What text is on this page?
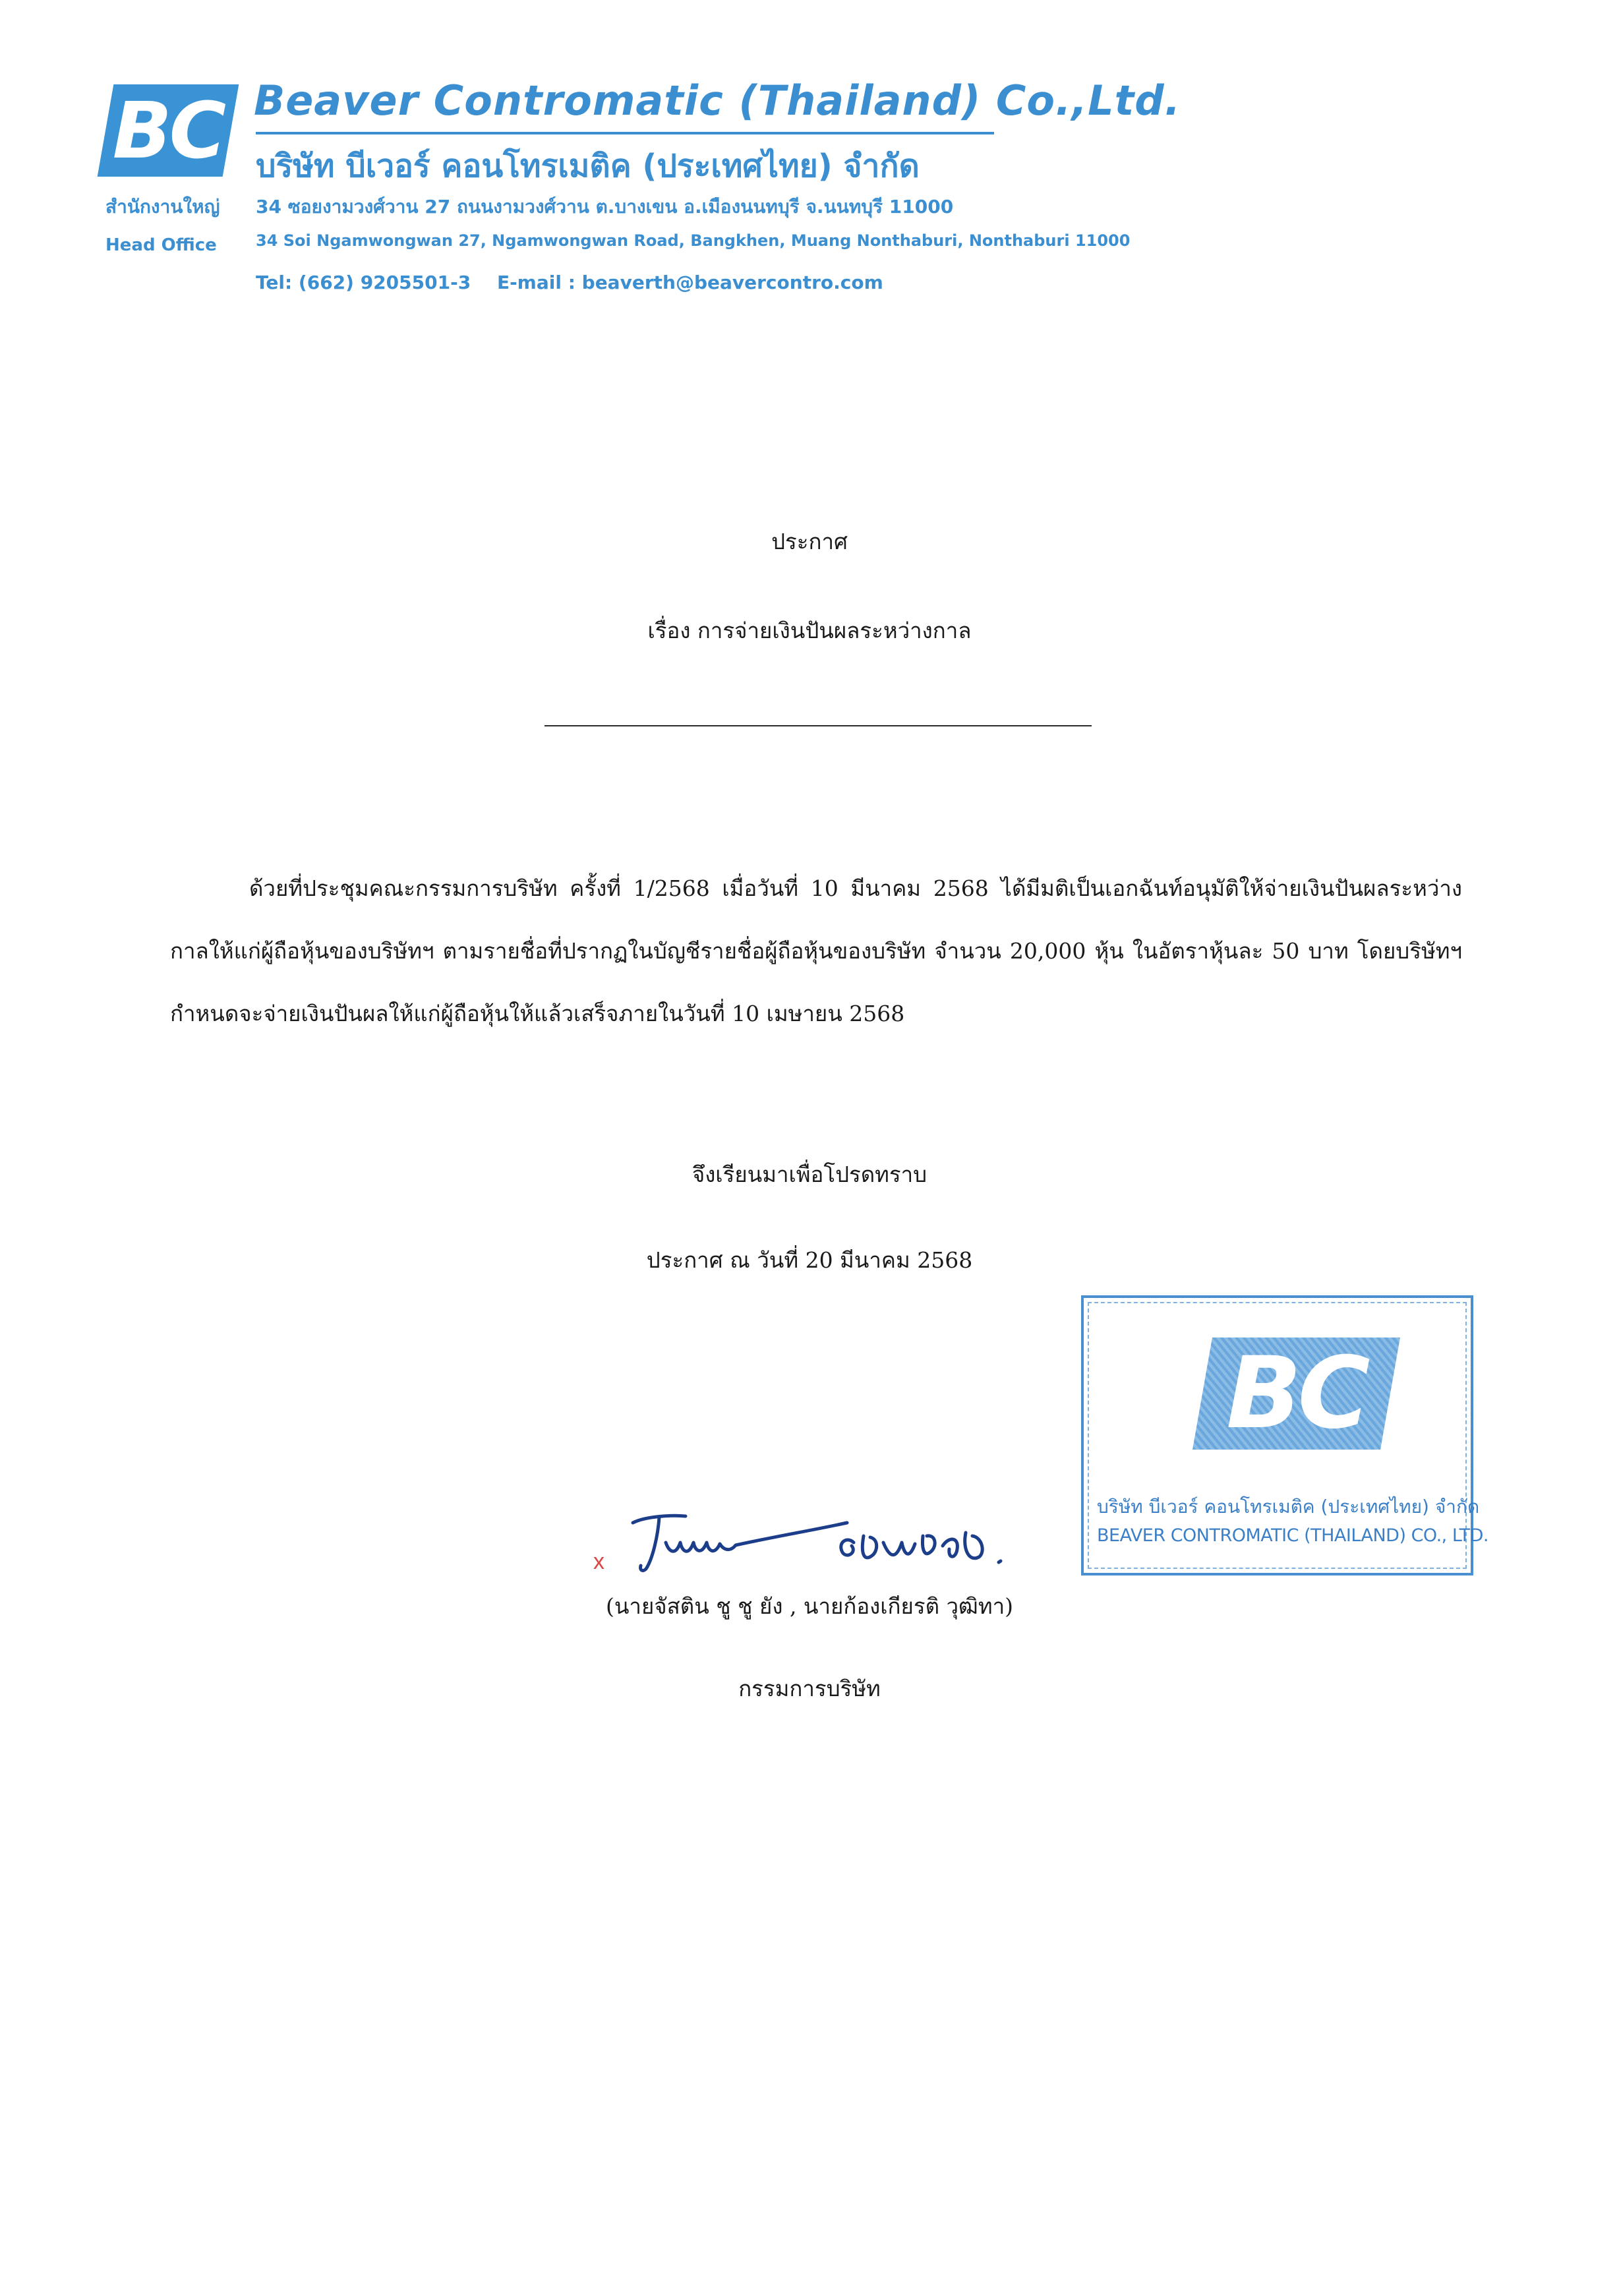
BC Beaver Contromatic (Thailand) Co.,Ltd.
บริษัท บีเวอร์ คอนโทรเมติค (ประเทศไทย) จำกัด
สำนักงานใหญ่
Head Office
34 ซอยงามวงศ์วาน 27 ถนนงามวงศ์วาน ต.บางเขน อ.เมืองนนทบุรี จ.นนทบุรี 11000
34 Soi Ngamwongwan 27, Ngamwongwan Road, Bangkhen, Muang Nonthaburi, Nonthaburi 11000
Tel: (662) 9205501-3 E-mail : beaverth@beavercontro.com
ประกาศ
เรื่อง การจ่ายเงินปันผลระหว่างกาล
ด้วยที่ประชุมคณะกรรมการบริษัท ครั้งที่ 1/2568 เมื่อวันที่ 10 มีนาคม 2568 ได้มีมติเป็นเอกฉันท์อนุมัติให้จ่ายเงินปันผลระหว่างกาลให้แก่ผู้ถือหุ้นของบริษัทฯ ตามรายชื่อที่ปรากฏในบัญชีรายชื่อผู้ถือหุ้นของบริษัท จำนวน 20,000 หุ้น ในอัตราหุ้นละ 50 บาท โดยบริษัทฯ กำหนดจะจ่ายเงินปันผลให้แก่ผู้ถือหุ้นให้แล้วเสร็จภายในวันที่ 10 เมษายน 2568
จึงเรียนมาเพื่อโปรดทราบ
ประกาศ ณ วันที่ 20 มีนาคม 2568
BC
บริษัท บีเวอร์ คอนโทรเมติค (ประเทศไทย) จำกัด
BEAVER CONTROMATIC (THAILAND) CO., LTD.
x
(นายจัสติน ชู ชู ยัง , นายก้องเกียรติ วุฒิทา)
กรรมการบริษัท
